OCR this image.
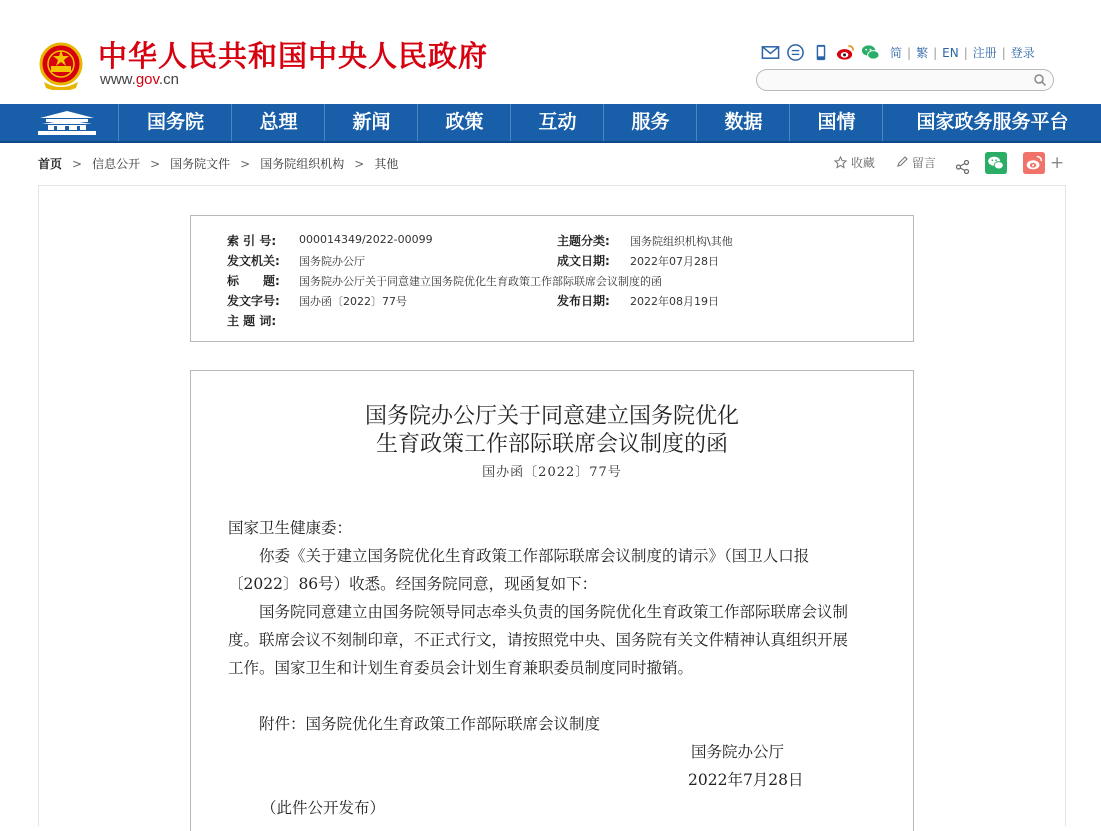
中华人民共和国中央人民政府
www.gov.cn
简 | 繁 | EN | 注册 | 登录
国务院	总理	新闻	政策	互动	服务	数据	国情	国家政务服务平台
首页 > 信息公开 > 国务院文件 > 国务院组织机构 > 其他	收藏	留言	+
索 引 号: 000014349/2022-00099	主题分类: 国务院组织机构\其他
发文机关: 国务院办公厅	成文日期: 2022年07月28日
标　　题: 国务院办公厅关于同意建立国务院优化生育政策工作部际联席会议制度的函
发文字号: 国办函〔2022〕77号	发布日期: 2022年08月19日
主 题 词:
国务院办公厅关于同意建立国务院优化
生育政策工作部际联席会议制度的函
国办函〔2022〕77号
国家卫生健康委：
　　你委《关于建立国务院优化生育政策工作部际联席会议制度的请示》（国卫人口报
〔2022〕86号）收悉。经国务院同意，现函复如下：
　　国务院同意建立由国务院领导同志牵头负责的国务院优化生育政策工作部际联席会议制
度。联席会议不刻制印章，不正式行文，请按照党中央、国务院有关文件精神认真组织开展
工作。国家卫生和计划生育委员会计划生育兼职委员制度同时撤销。
　　附件：国务院优化生育政策工作部际联席会议制度
国务院办公厅
2022年7月28日
（此件公开发布）
